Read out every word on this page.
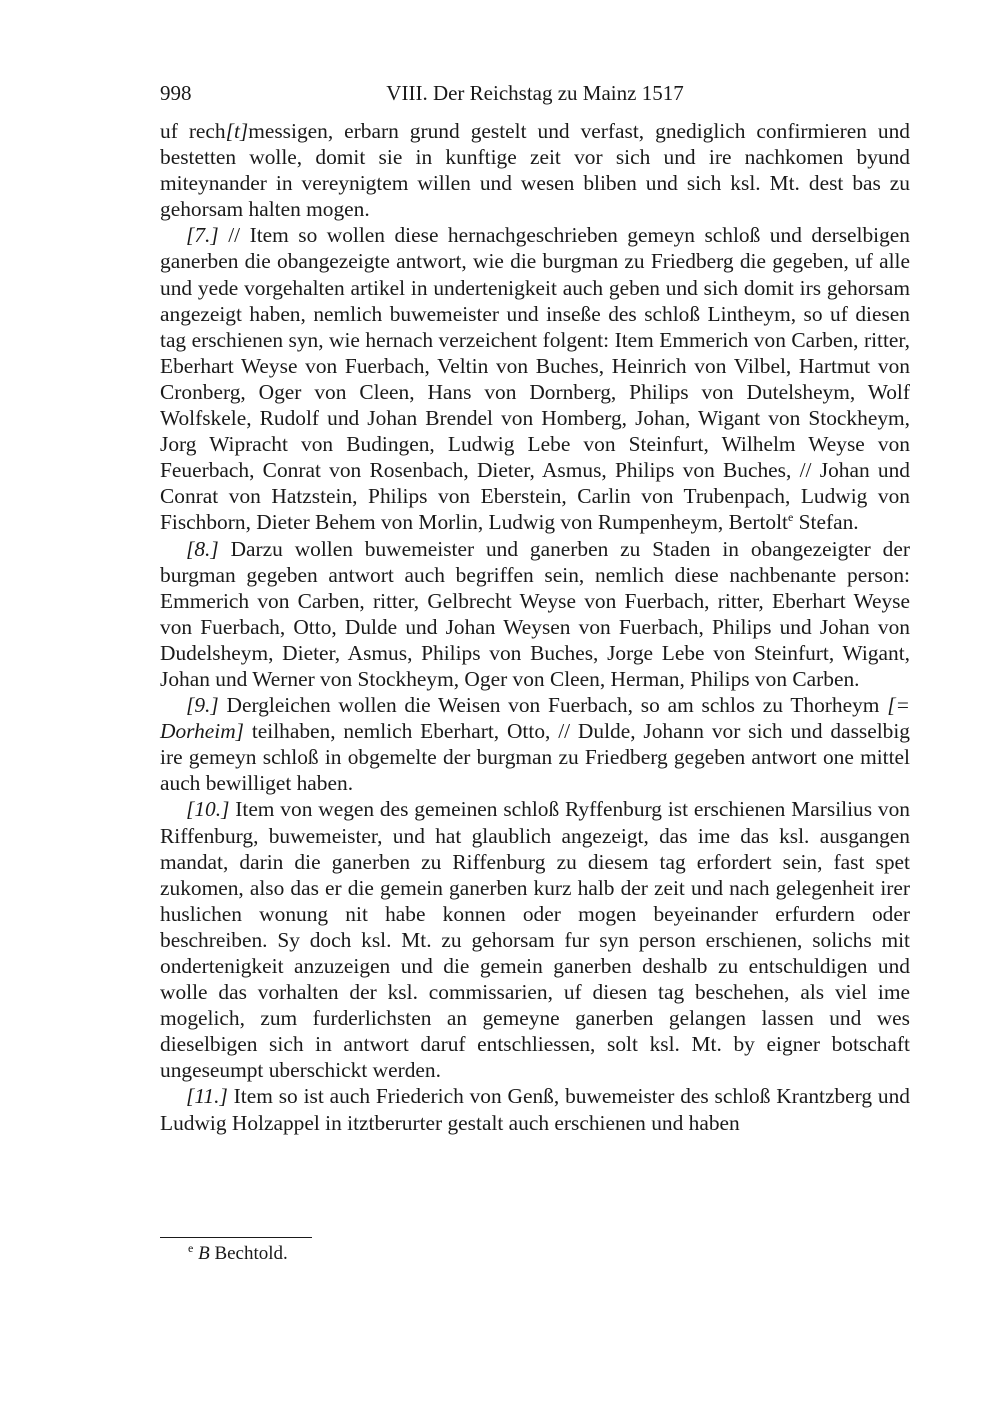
998	VIII. Der Reichstag zu Mainz 1517

uf rech[t]messigen, erbarn grund gestelt und verfast, gnediglich confirmieren und bestetten wolle, domit sie in kunftige zeit vor sich und ire nachkomen byund miteynander in vereynigtem willen und wesen bliben und sich ksl. Mt. dest bas zu gehorsam halten mogen.

[7.] // Item so wollen diese hernachgeschrieben gemeyn schloß und derselbigen ganerben die obangezeigte antwort, wie die burgman zu Friedberg die gegeben, uf alle und yede vorgehalten artikel in undertenigkeit auch geben und sich domit irs gehorsam angezeigt haben, nemlich buwemeister und inseße des schloß Lintheym, so uf diesen tag erschienen syn, wie hernach verzeichent folgent: Item Emmerich von Carben, ritter, Eberhart Weyse von Fuerbach, Veltin von Buches, Heinrich von Vilbel, Hartmut von Cronberg, Oger von Cleen, Hans von Dornberg, Philips von Dutelsheym, Wolf Wolfskele, Rudolf und Johan Brendel von Homberg, Johan, Wigant von Stockheym, Jorg Wipracht von Budingen, Ludwig Lebe von Steinfurt, Wilhelm Weyse von Feuerbach, Conrat von Rosenbach, Dieter, Asmus, Philips von Buches, // Johan und Conrat von Hatzstein, Philips von Eberstein, Carlin von Trubenpach, Ludwig von Fischborn, Dieter Behem von Morlin, Ludwig von Rumpenheym, Bertolt$^e$ Stefan.

[8.] Darzu wollen buwemeister und ganerben zu Staden in obangezeigter der burgman gegeben antwort auch begriffen sein, nemlich diese nachbenante person: Emmerich von Carben, ritter, Gelbrecht Weyse von Fuerbach, ritter, Eberhart Weyse von Fuerbach, Otto, Dulde und Johan Weysen von Fuerbach, Philips und Johan von Dudelsheym, Dieter, Asmus, Philips von Buches, Jorge Lebe von Steinfurt, Wigant, Johan und Werner von Stockheym, Oger von Cleen, Herman, Philips von Carben.

[9.] Dergleichen wollen die Weisen von Fuerbach, so am schlos zu Thorheym [= Dorheim] teilhaben, nemlich Eberhart, Otto, // Dulde, Johann vor sich und dasselbig ire gemeyn schloß in obgemelte der burgman zu Friedberg gegeben antwort one mittel auch bewilliget haben.

[10.] Item von wegen des gemeinen schloß Ryffenburg ist erschienen Marsilius von Riffenburg, buwemeister, und hat glaublich angezeigt, das ime das ksl. ausgangen mandat, darin die ganerben zu Riffenburg zu diesem tag erfordert sein, fast spet zukomen, also das er die gemein ganerben kurz halb der zeit und nach gelegenheit irer huslichen wonung nit habe konnen oder mogen beyeinander erfurdern oder beschreiben. Sy doch ksl. Mt. zu gehorsam fur syn person erschienen, solichs mit ondertenigkeit anzuzeigen und die gemein ganerben deshalb zu entschuldigen und wolle das vorhalten der ksl. commissarien, uf diesen tag beschehen, als viel ime mogelich, zum furderlichsten an gemeyne ganerben gelangen lassen und wes dieselbigen sich in antwort daruf entschliessen, solt ksl. Mt. by eigner botschaft ungeseumpt uberschickt werden.

[11.] Item so ist auch Friederich von Genß, buwemeister des schloß Krantzberg und Ludwig Holzappel in itztberurter gestalt auch erschienen und haben

$^e$ B Bechtold.
